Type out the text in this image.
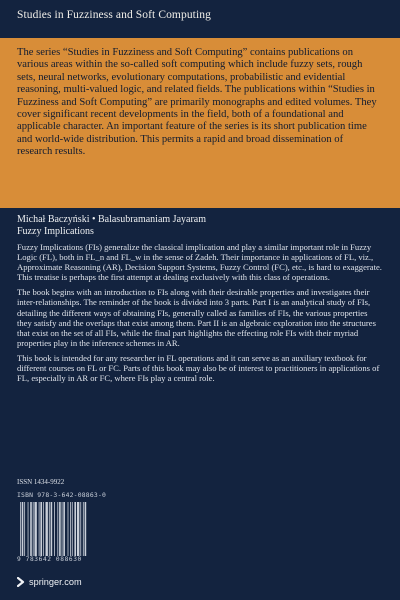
Studies in Fuzziness and Soft Computing

The series “Studies in Fuzziness and Soft Computing” contains publications on various areas within the so-called soft computing which include fuzzy sets, rough sets, neural networks, evolutionary computations, probabilistic and evidential reasoning, multi-valued logic, and related fields. The publications within “Studies in Fuzziness and Soft Computing” are primarily monographs and edited volumes. They cover significant recent developments in the field, both of a foundational and applicable character. An important feature of the series is its short publication time and world-wide distribution. This permits a rapid and broad dissemination of research results.

Michał Baczyński • Balasubramaniam Jayaram
Fuzzy Implications

Fuzzy Implications (FIs) generalize the classical implication and play a similar important role in Fuzzy Logic (FL), both in FL_n and FL_w in the sense of Zadeh. Their importance in applications of FL, viz., Approximate Reasoning (AR), Decision Support Systems, Fuzzy Control (FC), etc., is hard to exaggerate. This treatise is perhaps the first attempt at dealing exclusively with this class of operations.

The book begins with an introduction to FIs along with their desirable properties and investigates their inter-relationships. The reminder of the book is divided into 3 parts. Part I is an analytical study of FIs, detailing the different ways of obtaining FIs, generally called as families of FIs, the various properties they satisfy and the overlaps that exist among them. Part II is an algebraic exploration into the structures that exist on the set of all FIs, while the final part highlights the effecting role FIs with their myriad properties play in the inference schemes in AR.

This book is intended for any researcher in FL operations and it can serve as an auxiliary textbook for different courses on FL or FC. Parts of this book may also be of interest to practitioners in applications of FL, especially in AR or FC, where FIs play a central role.

ISSN 1434-9922
ISBN 978-3-642-08863-0
9 783642 088630
springer.com
